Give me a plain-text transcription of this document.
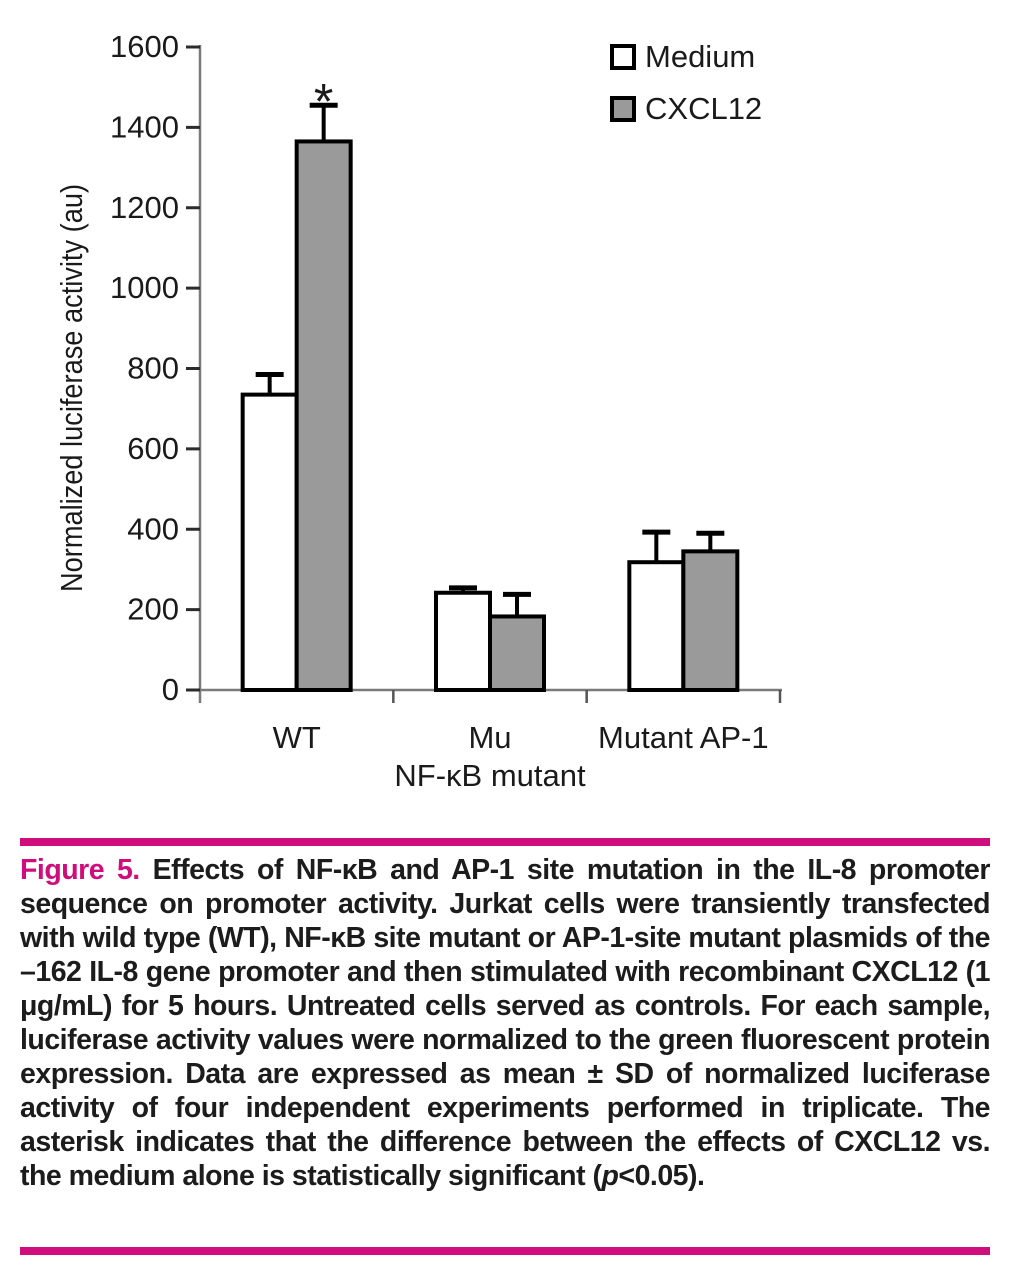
0
200
400
600
800
1000
1200
1400
1600
WT	Mu	Mutant AP-1
NF-κB mutant
*
Normalized luciferase activity (au)
Medium
CXCL12

Figure 5. Effects of NF-κB and AP-1 site mutation in the IL-8 promoter sequence on promoter activity. Jurkat cells were transiently transfected with wild type (WT), NF-κB site mutant or AP-1-site mutant plasmids of the –162 IL-8 gene promoter and then stimulated with recombinant CXCL12 (1 μg/mL) for 5 hours. Untreated cells served as controls. For each sample, luciferase activity values were normalized to the green fluorescent protein expression. Data are expressed as mean ± SD of normalized luciferase activity of four independent experiments performed in triplicate. The asterisk indicates that the difference between the effects of CXCL12 vs. the medium alone is statistically significant (p<0.05).
